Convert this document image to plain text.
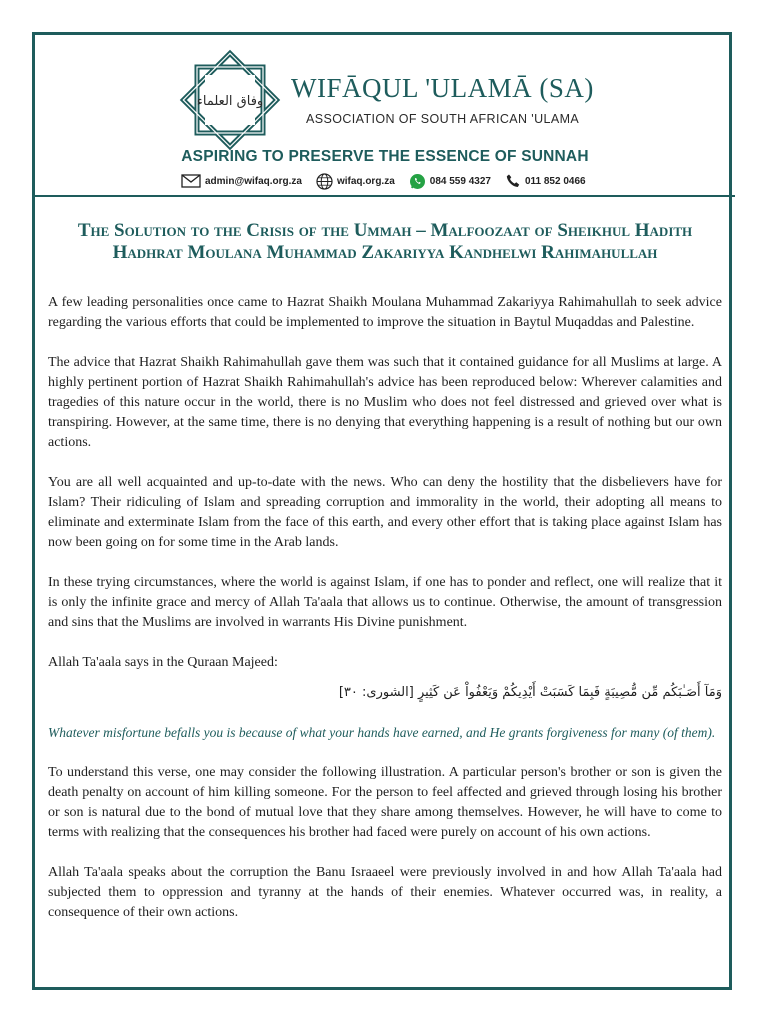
وفاق العلماء WIFĀQUL 'ULAMĀ (SA)
ASSOCIATION OF SOUTH AFRICAN 'ULAMA
ASPIRING TO PRESERVE THE ESSENCE OF SUNNAH
admin@wifaq.org.za	wifaq.org.za	084 559 4327	011 852 0466
The Solution to the Crisis of the Ummah – Malfoozaat of Sheikhul Hadith Hadhrat Moulana Muhammad Zakariyya Kandhelwi Rahimahullah

A few leading personalities once came to Hazrat Shaikh Moulana Muhammad Zakariyya Rahimahullah to seek advice regarding the various efforts that could be implemented to improve the situation in Baytul Muqaddas and Palestine.

The advice that Hazrat Shaikh Rahimahullah gave them was such that it contained guidance for all Muslims at large. A highly pertinent portion of Hazrat Shaikh Rahimahullah's advice has been reproduced below: Wherever calamities and tragedies of this nature occur in the world, there is no Muslim who does not feel distressed and grieved over what is transpiring. However, at the same time, there is no denying that everything happening is a result of nothing but our own actions.

You are all well acquainted and up-to-date with the news. Who can deny the hostility that the disbelievers have for Islam? Their ridiculing of Islam and spreading corruption and immorality in the world, their adopting all means to eliminate and exterminate Islam from the face of this earth, and every other effort that is taking place against Islam has now been going on for some time in the Arab lands.

In these trying circumstances, where the world is against Islam, if one has to ponder and reflect, one will realize that it is only the infinite grace and mercy of Allah Ta'aala that allows us to continue. Otherwise, the amount of transgression and sins that the Muslims are involved in warrants His Divine punishment.

Allah Ta'aala says in the Quraan Majeed:

وَمَآ أَصَـٰبَكُم مِّن مُّصِيبَةٍ فَبِمَا كَسَبَتْ أَيْدِيكُمْ وَيَعْفُواْ عَن كَثِيرٍ [الشورى: ٣٠]

Whatever misfortune befalls you is because of what your hands have earned, and He grants forgiveness for many (of them).

To understand this verse, one may consider the following illustration. A particular person's brother or son is given the death penalty on account of him killing someone. For the person to feel affected and grieved through losing his brother or son is natural due to the bond of mutual love that they share among themselves. However, he will have to come to terms with realizing that the consequences his brother had faced were purely on account of his own actions.

Allah Ta'aala speaks about the corruption the Banu Israaeel were previously involved in and how Allah Ta'aala had subjected them to oppression and tyranny at the hands of their enemies. Whatever occurred was, in reality, a consequence of their own actions.
